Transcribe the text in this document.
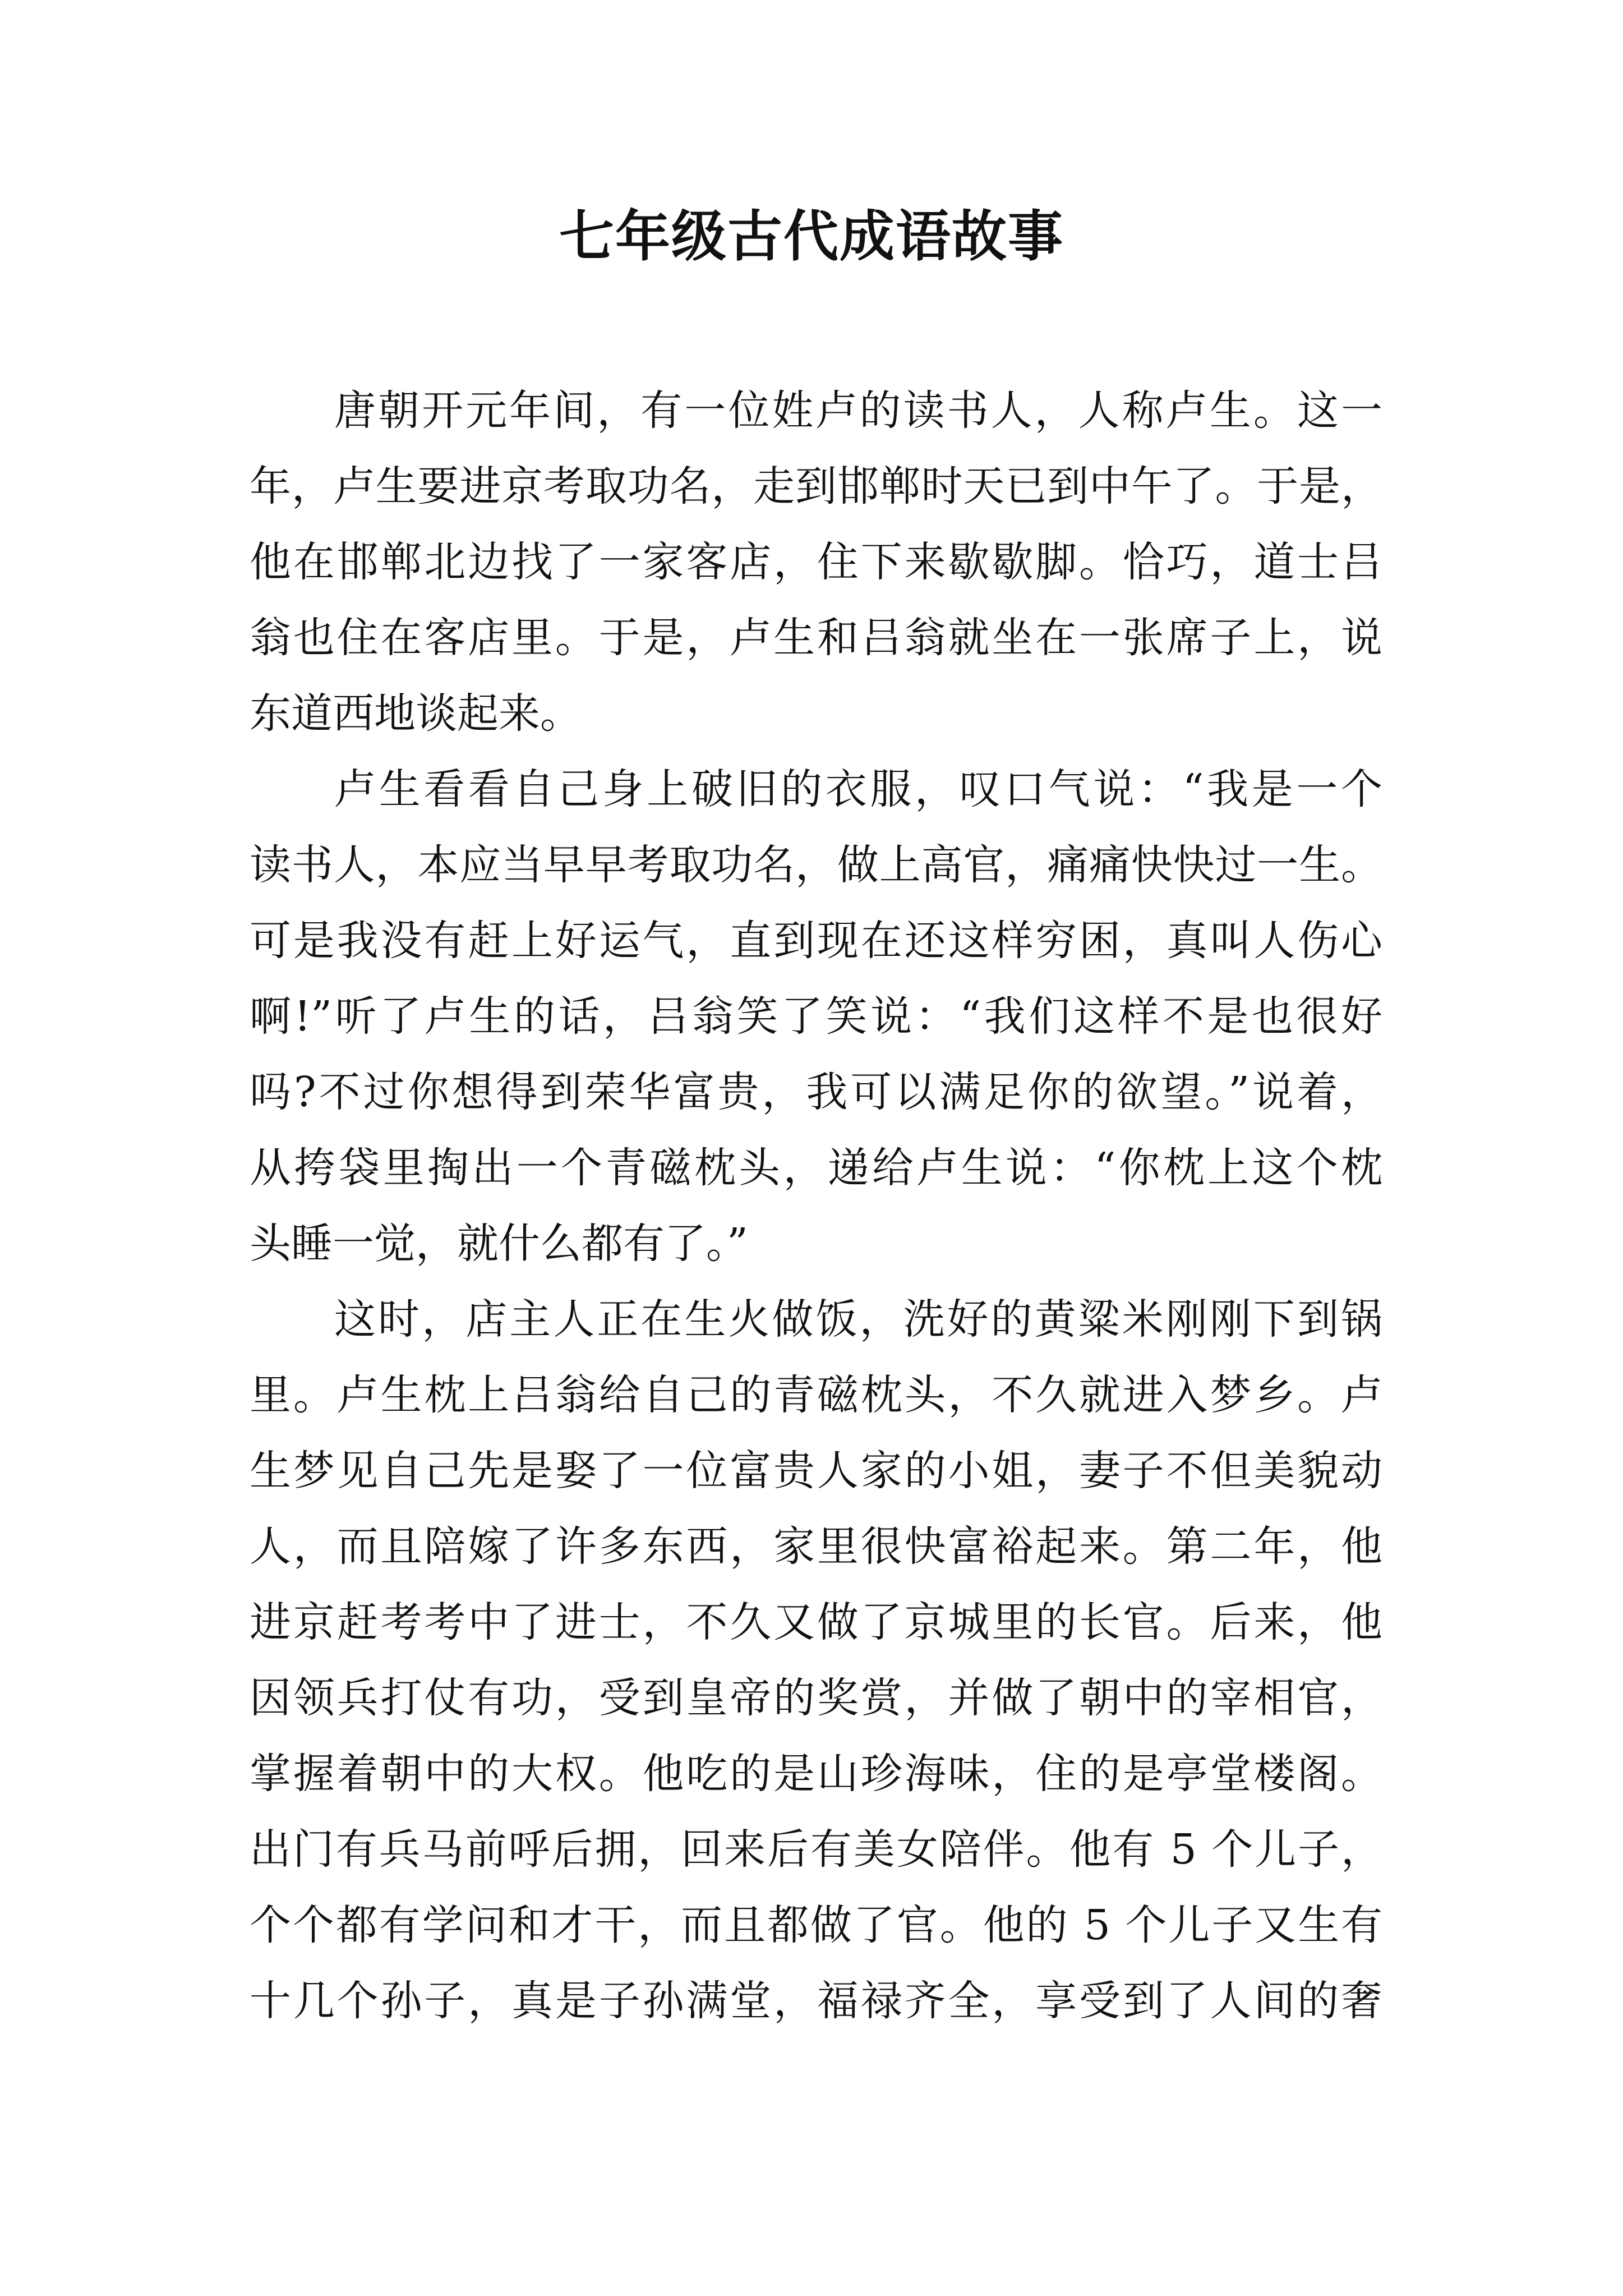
七年级古代成语故事
唐朝开元年间，有一位姓卢的读书人，人称卢生。这一
年，卢生要进京考取功名，走到邯郸时天已到中午了。于是，
他在邯郸北边找了一家客店，住下来歇歇脚。恰巧，道士吕
翁也住在客店里。于是，卢生和吕翁就坐在一张席子上，说
东道西地谈起来。
卢生看看自己身上破旧的衣服，叹口气说：“我是一个
读书人，本应当早早考取功名，做上高官，痛痛快快过一生。
可是我没有赶上好运气，直到现在还这样穷困，真叫人伤心
啊!”听了卢生的话，吕翁笑了笑说：“我们这样不是也很好
吗?不过你想得到荣华富贵，我可以满足你的欲望。”说着，
从挎袋里掏出一个青磁枕头，递给卢生说：“你枕上这个枕
头睡一觉，就什么都有了。”
这时，店主人正在生火做饭，洗好的黄粱米刚刚下到锅
里。卢生枕上吕翁给自己的青磁枕头，不久就进入梦乡。卢
生梦见自己先是娶了一位富贵人家的小姐，妻子不但美貌动
人，而且陪嫁了许多东西，家里很快富裕起来。第二年，他
进京赶考考中了进士，不久又做了京城里的长官。后来，他
因领兵打仗有功，受到皇帝的奖赏，并做了朝中的宰相官，
掌握着朝中的大权。他吃的是山珍海味，住的是亭堂楼阁。
出门有兵马前呼后拥，回来后有美女陪伴。他有 5 个儿子，
个个都有学问和才干，而且都做了官。他的 5 个儿子又生有
十几个孙子，真是子孙满堂，福禄齐全，享受到了人间的奢
